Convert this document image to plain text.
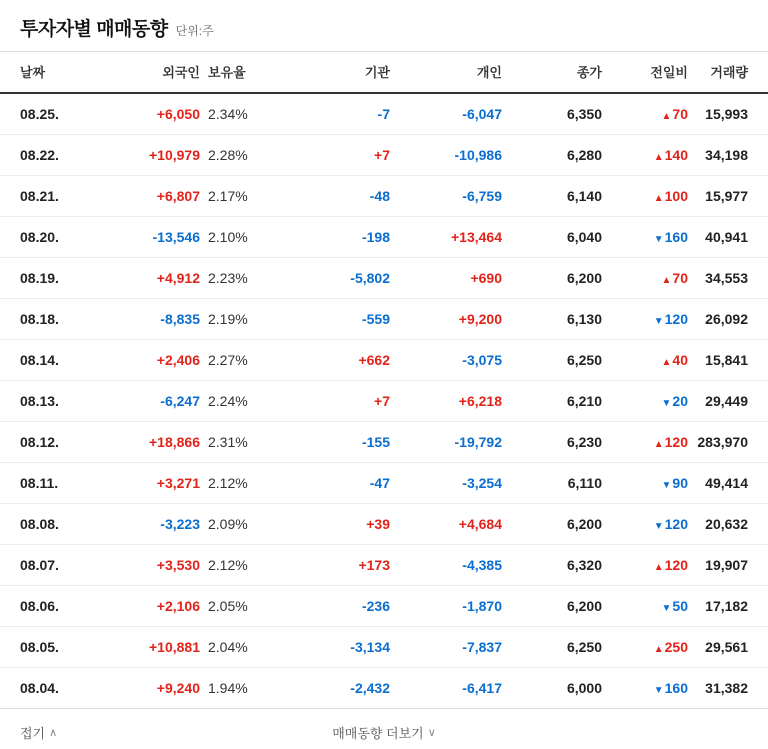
투자자별 매매동향 단위:주
날짜	외국인	보유율	기관	개인	종가	전일비	거래량
08.25.	+6,050	2.34%	-7	-6,047	6,350	▲70	15,993
08.22.	+10,979	2.28%	+7	-10,986	6,280	▲140	34,198
08.21.	+6,807	2.17%	-48	-6,759	6,140	▲100	15,977
08.20.	-13,546	2.10%	-198	+13,464	6,040	▼160	40,941
08.19.	+4,912	2.23%	-5,802	+690	6,200	▲70	34,553
08.18.	-8,835	2.19%	-559	+9,200	6,130	▼120	26,092
08.14.	+2,406	2.27%	+662	-3,075	6,250	▲40	15,841
08.13.	-6,247	2.24%	+7	+6,218	6,210	▼20	29,449
08.12.	+18,866	2.31%	-155	-19,792	6,230	▲120	283,970
08.11.	+3,271	2.12%	-47	-3,254	6,110	▼90	49,414
08.08.	-3,223	2.09%	+39	+4,684	6,200	▼120	20,632
08.07.	+3,530	2.12%	+173	-4,385	6,320	▲120	19,907
08.06.	+2,106	2.05%	-236	-1,870	6,200	▼50	17,182
08.05.	+10,881	2.04%	-3,134	-7,837	6,250	▲250	29,561
08.04.	+9,240	1.94%	-2,432	-6,417	6,000	▼160	31,382
접기 ∧	매매동향 더보기 ∨
